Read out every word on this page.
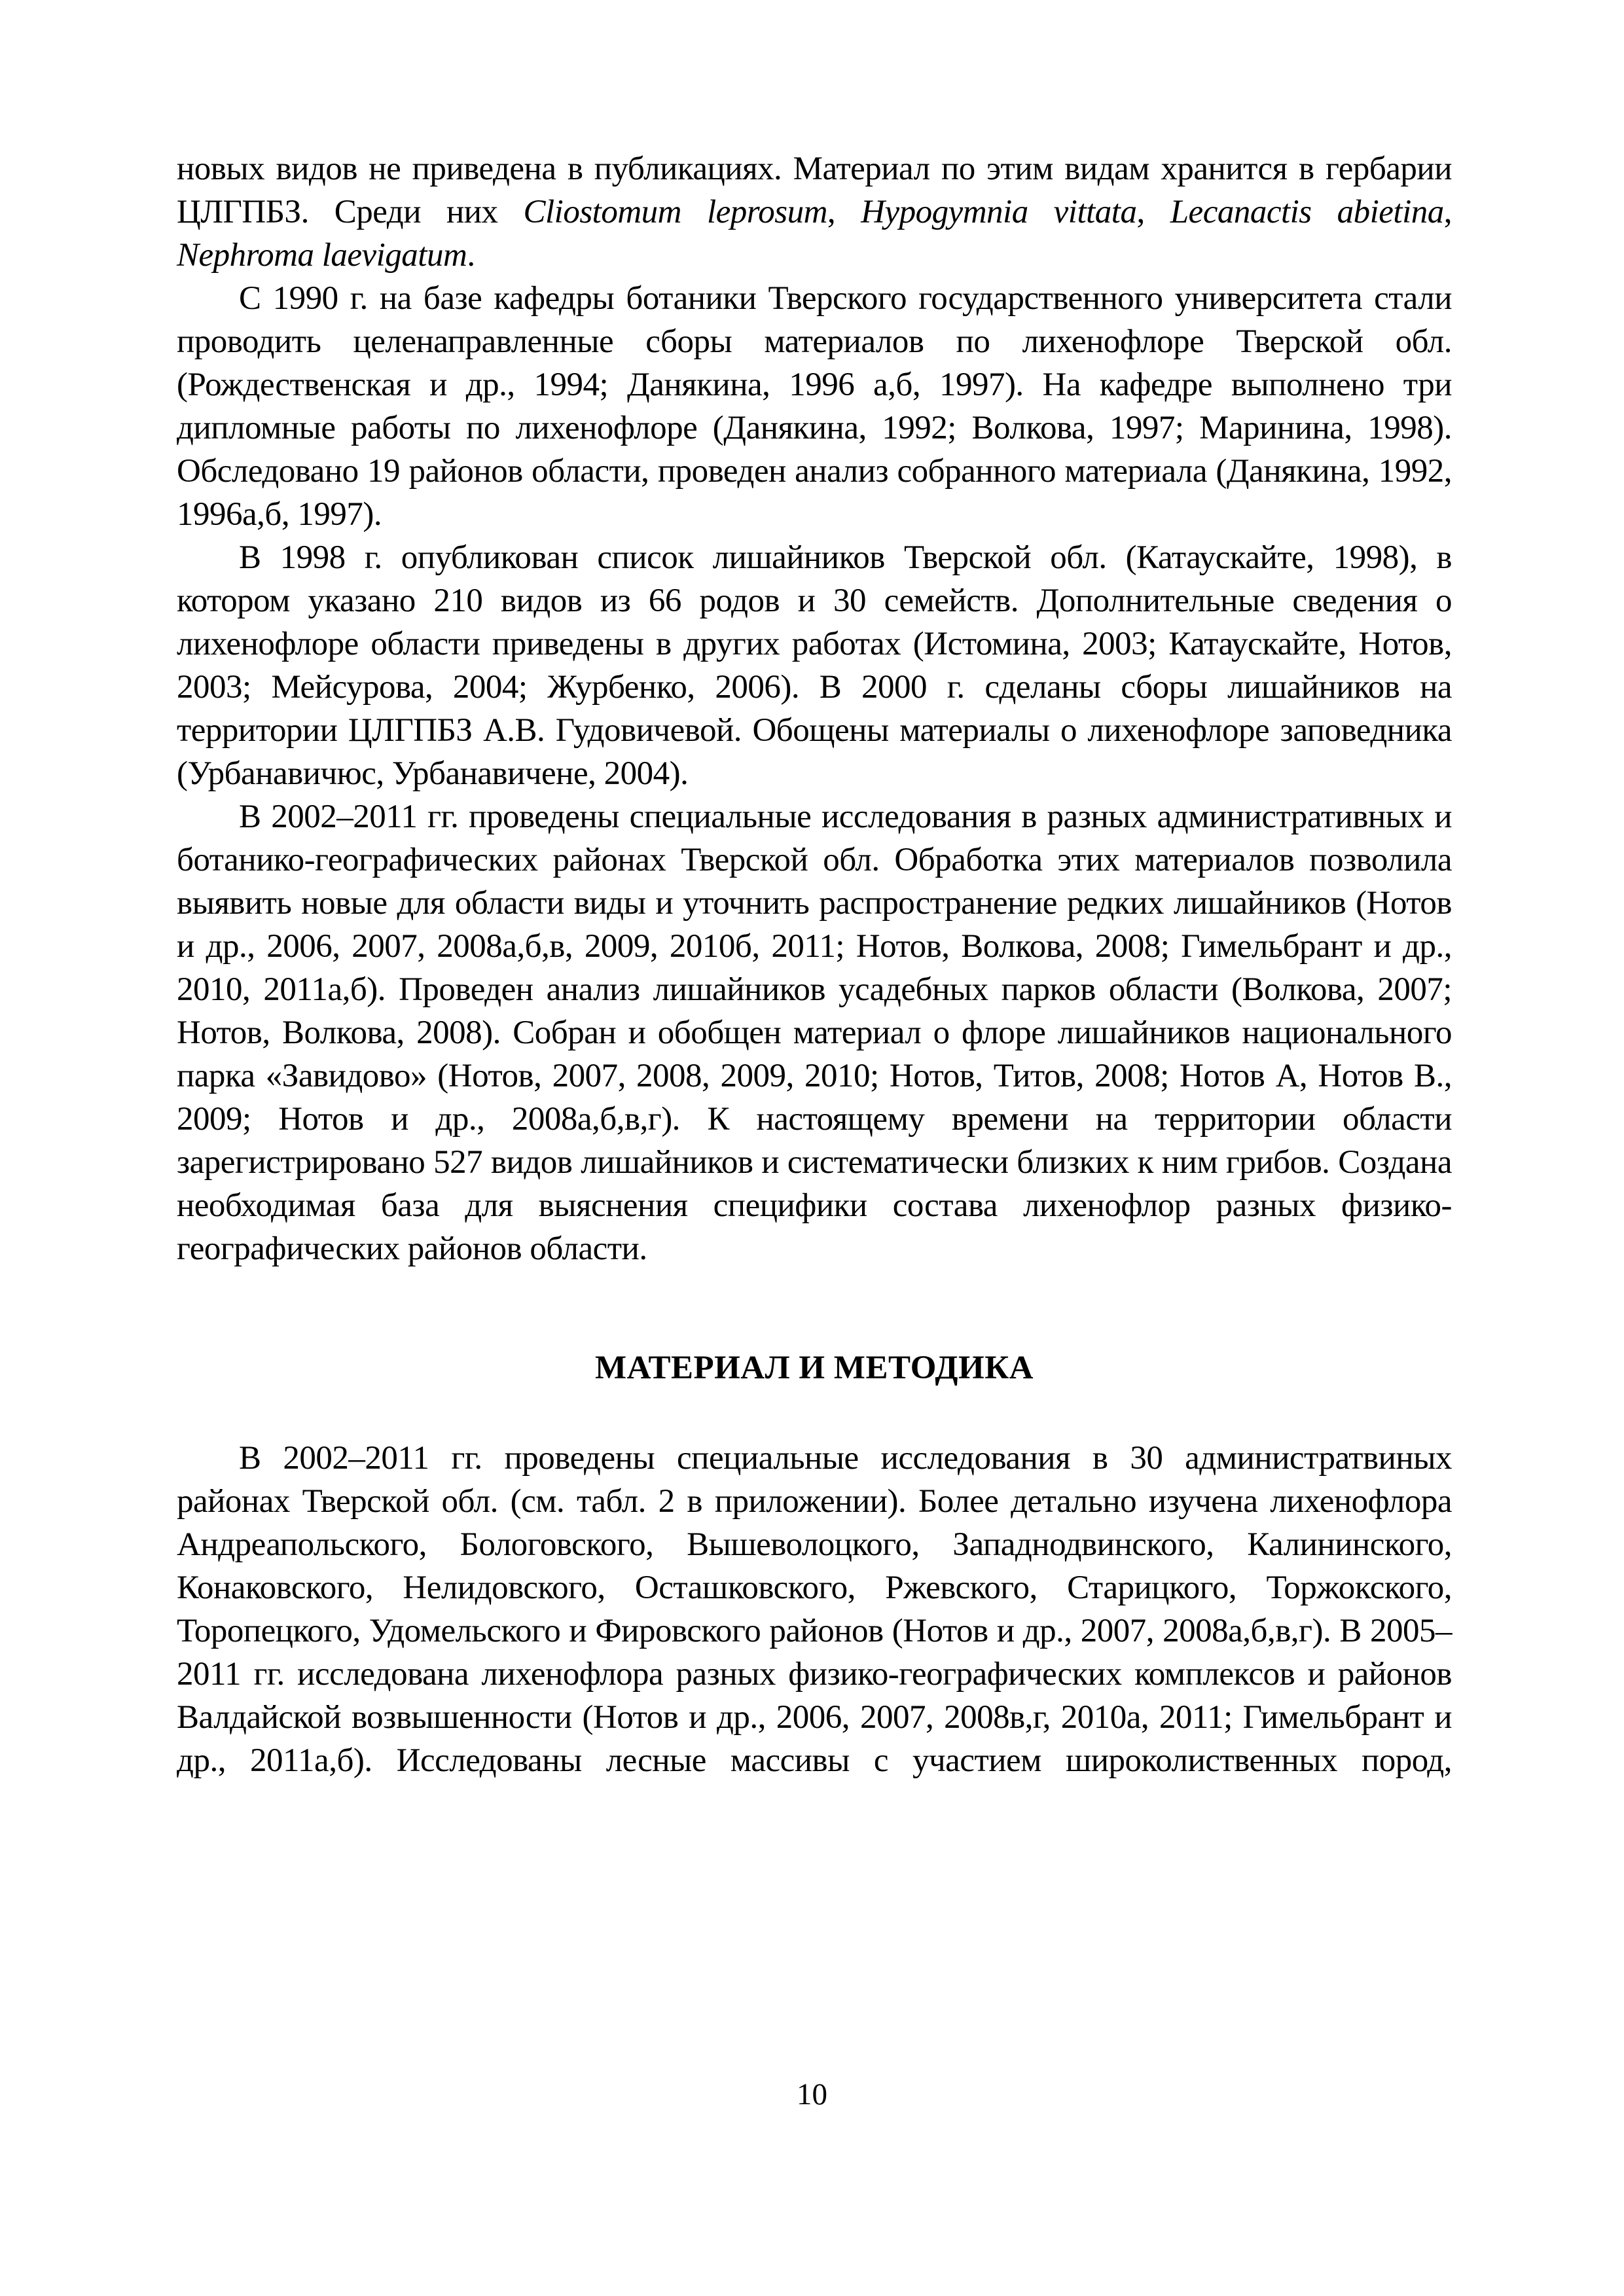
новых видов не приведена в публикациях. Материал по этим видам хранится в гербарии ЦЛГПБЗ. Среди них Cliostomum leprosum, Hypogymnia vittata, Lecanactis abietina, Nephroma laevigatum.

С 1990 г. на базе кафедры ботаники Тверского государственного университета стали проводить целенаправленные сборы материалов по лихенофлоре Тверской обл. (Рождественская и др., 1994; Данякина, 1996 а,б, 1997). На кафедре выполнено три дипломные работы по лихенофлоре (Данякина, 1992; Волкова, 1997; Маринина, 1998). Обследовано 19 районов области, проведен анализ собранного материала (Данякина, 1992, 1996а,б, 1997).

В 1998 г. опубликован список лишайников Тверской обл. (Катаускайте, 1998), в котором указано 210 видов из 66 родов и 30 семейств. Дополнительные сведения о лихенофлоре области приведены в других работах (Истомина, 2003; Катаускайте, Нотов, 2003; Мейсурова, 2004; Журбенко, 2006). В 2000 г. сделаны сборы лишайников на территории ЦЛГПБЗ А.В. Гудовичевой. Обощены материалы о лихенофлоре заповедника (Урбанавичюс, Урбанавичене, 2004).

В 2002–2011 гг. проведены специальные исследования в разных административных и ботанико-географических районах Тверской обл. Обработка этих материалов позволила выявить новые для области виды и уточнить распространение редких лишайников (Нотов и др., 2006, 2007, 2008а,б,в, 2009, 2010б, 2011; Нотов, Волкова, 2008; Гимельбрант и др., 2010, 2011а,б). Проведен анализ лишайников усадебных парков области (Волкова, 2007; Нотов, Волкова, 2008). Собран и обобщен материал о флоре лишайников национального парка «Завидово» (Нотов, 2007, 2008, 2009, 2010; Нотов, Титов, 2008; Нотов А, Нотов В., 2009; Нотов и др., 2008а,б,в,г). К настоящему времени на территории области зарегистрировано 527 видов лишайников и систематически близких к ним грибов. Создана необходимая база для выяснения специфики состава лихенофлор разных физико-географических районов области.

МАТЕРИАЛ И МЕТОДИКА

В 2002–2011 гг. проведены специальные исследования в 30 администратвиных районах Тверской обл. (см. табл. 2 в приложении). Более детально изучена лихенофлора Андреапольского, Бологовского, Вышеволоцкого, Западнодвинского, Калининского, Конаковского, Нелидовского, Осташковского, Ржевского, Старицкого, Торжокского, Торопецкого, Удомельского и Фировского районов (Нотов и др., 2007, 2008а,б,в,г). В 2005–2011 гг. исследована лихенофлора разных физико-географических комплексов и районов Валдайской возвышенности (Нотов и др., 2006, 2007, 2008в,г, 2010а, 2011; Гимельбрант и др., 2011а,б). Исследованы лесные массивы с участием широколиственных пород,

10
